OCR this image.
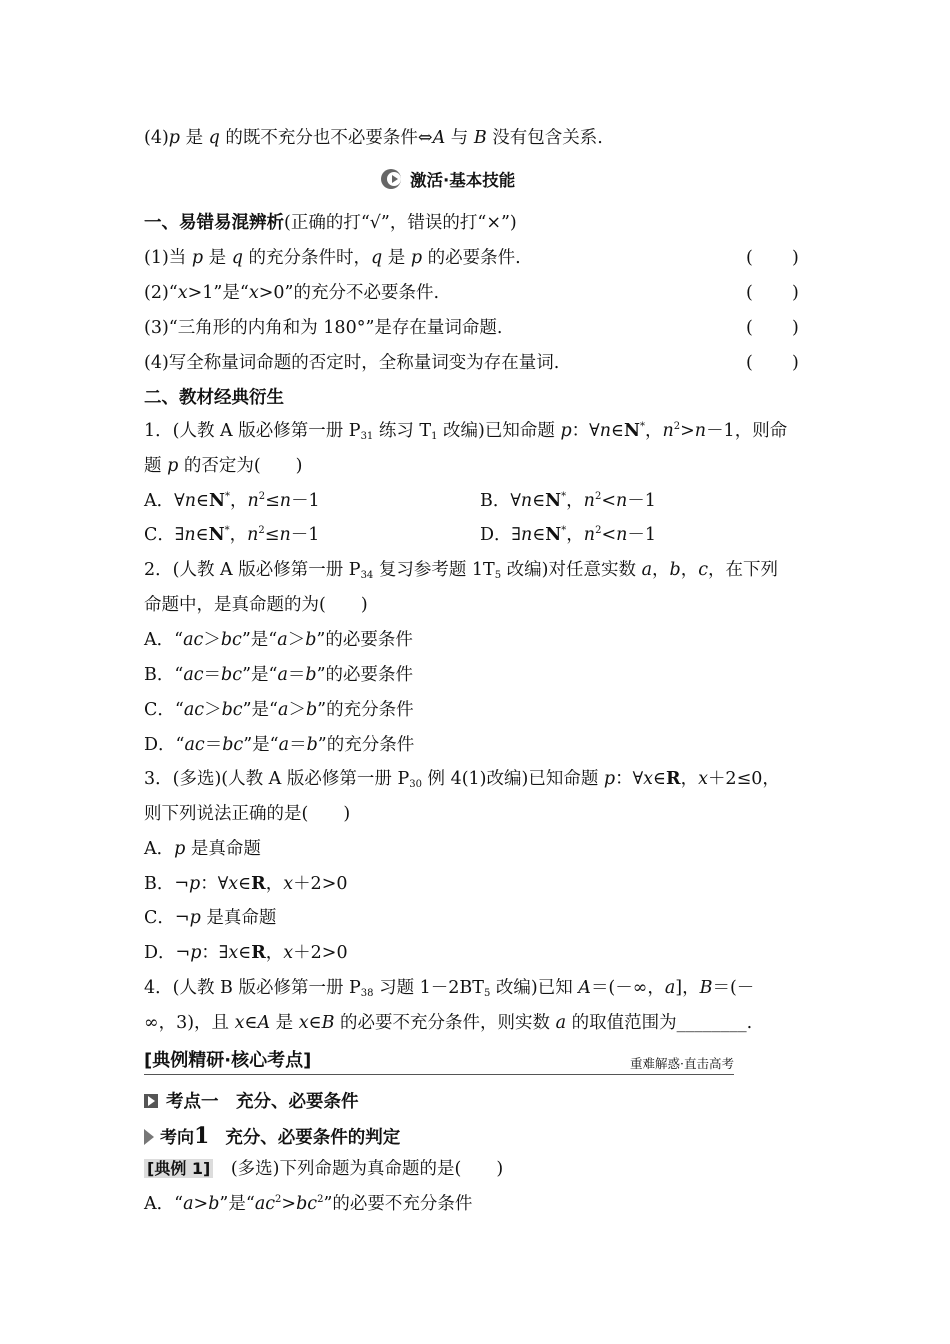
(4)p 是 q 的既不充分也不必要条件⇔A 与 B 没有包含关系.
激活·基本技能
一、易错易混辨析(正确的打“√”，错误的打“×”)
(1)当 p 是 q 的充分条件时，q 是 p 的必要条件.	( )
(2)“x>1”是“x>0”的充分不必要条件.	( )
(3)“三角形的内角和为 180°”是存在量词命题.	( )
(4)写全称量词命题的否定时，全称量词变为存在量词.	( )
二、教材经典衍生
1．(人教 A 版必修第一册 $P_{31}$ 练习 $T_1$ 改编)已知命题 p：∀n∈N*，$n^2>n-1$，则命
题 p 的否定为(　　)
A．∀n∈N*，$n^2\le n-1$	B．∀n∈N*，$n^2<n-1$
C．∃n∈N*，$n^2\le n-1$	D．∃n∈N*，$n^2<n-1$
2．(人教 A 版必修第一册 $P_{34}$ 复习参考题 $1T_5$ 改编)对任意实数 a，b，c，在下列
命题中，是真命题的为(　　)
A．“ac＞bc”是“a＞b”的必要条件
B．“ac＝bc”是“a＝b”的必要条件
C．“ac＞bc”是“a＞b”的充分条件
D．“ac＝bc”是“a＝b”的充分条件
3．(多选)(人教 A 版必修第一册 $P_{30}$ 例 4(1)改编)已知命题 p：∀x∈R，x＋2≤0，
则下列说法正确的是(　　)
A．p 是真命题
B．¬p：∀x∈R，x＋2>0
C．¬p 是真命题
D．¬p：∃x∈R，x＋2>0
4．(人教 B 版必修第一册 $P_{38}$ 习题 $1-2BT_5$ 改编)已知 A＝(－∞，a]，B＝(－
∞，3)，且 x∈A 是 x∈B 的必要不充分条件，则实数 a 的取值范围为________.
[典例精研·核心考点]	重难解惑·直击高考
考点一　充分、必要条件
考向1 充分、必要条件的判定
[典例 1]　 (多选)下列命题为真命题的是(　　)
A．“a>b”是“$ac^2>bc^2$”的必要不充分条件
